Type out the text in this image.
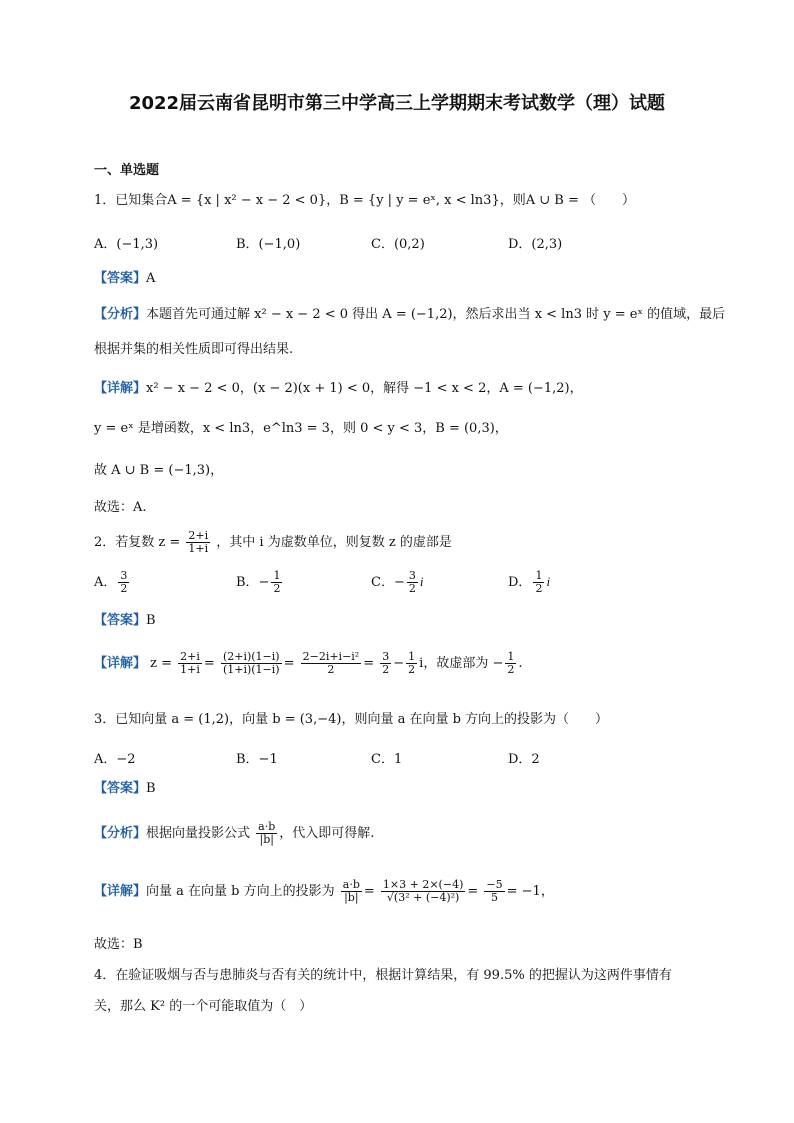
2022届云南省昆明市第三中学高三上学期期末考试数学（理）试题
一、单选题
1．已知集合A = {x | x² − x − 2 < 0}，B = {y | y = eˣ, x < ln3}，则A ∪ B = （　　）
A．(−1,3)	B．(−1,0)	C．(0,2)	D．(2,3)
【答案】A
【分析】本题首先可通过解 x² − x − 2 < 0 得出 A = (−1,2)，然后求出当 x < ln3 时 y = eˣ 的值域，最后
根据并集的相关性质即可得出结果.
【详解】x² − x − 2 < 0，(x − 2)(x + 1) < 0，解得 −1 < x < 2，A = (−1,2)，
y = eˣ 是增函数，x < ln3，e^ln3 = 3，则 0 < y < 3，B = (0,3)，
故 A ∪ B = (−1,3)，
故选：A.
2．若复数 $z = \frac{2+i}{1+i}$ ，其中 i 为虚数单位，则复数 z 的虚部是
A． $\frac{3}{2}$	B．− $\frac{1}{2}$	C．− $\frac{3}{2}$ i	D． $\frac{1}{2}$ i
【答案】B
【详解】 $z = \frac{2+i}{1+i} = \frac{(2+i)(1-i)}{(1+i)(1-i)} = \frac{\text{2−2i+i−i²}}{2} = \frac{3}{2} - \frac{1}{2}$ i，故虚部为 − $\frac{1}{2}$ .
3．已知向量 a = (1,2)，向量 b = (3,−4)，则向量 a 在向量 b 方向上的投影为（　　）
A．−2	B．−1	C．1	D．2
【答案】B
【分析】根据向量投影公式 $\frac{a\cdot b}{|b|}$ ，代入即可得解.
【详解】向量 a 在向量 b 方向上的投影为 $\frac{a\cdot b}{|b|} = \frac{1\times 3 + 2\times(-4)}{\text{√(3² + (−4)²)}} = \frac{-5}{5} = -1$，
故选：B
4．在验证吸烟与否与患肺炎与否有关的统计中，根据计算结果，有 99.5% 的把握认为这两件事情有
关，那么 K² 的一个可能取值为（　）
